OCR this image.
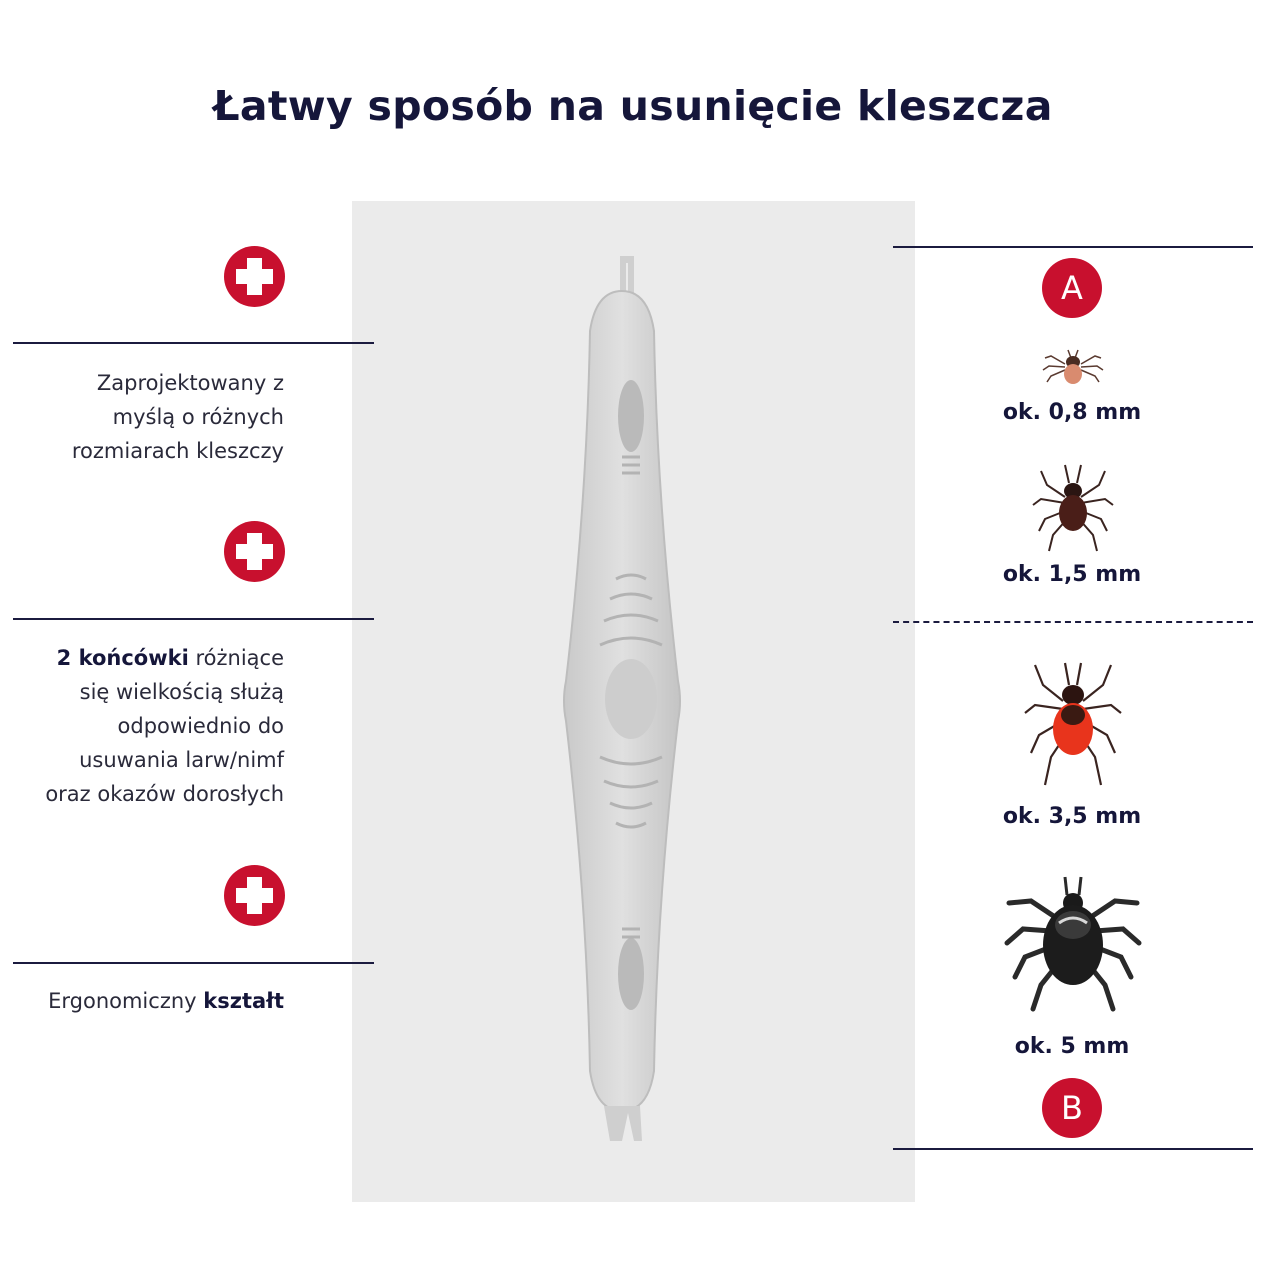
Łatwy sposób na usunięcie kleszcza
Zaprojektowany z
myślą o różnych
rozmiarach kleszczy
2 końcówki różniące
się wielkością służą
odpowiednio do
usuwania larw/nimf
oraz okazów dorosłych
Ergonomiczny kształt
A
ok. 0,8 mm
ok. 1,5 mm
ok. 3,5 mm
ok. 5 mm
B
